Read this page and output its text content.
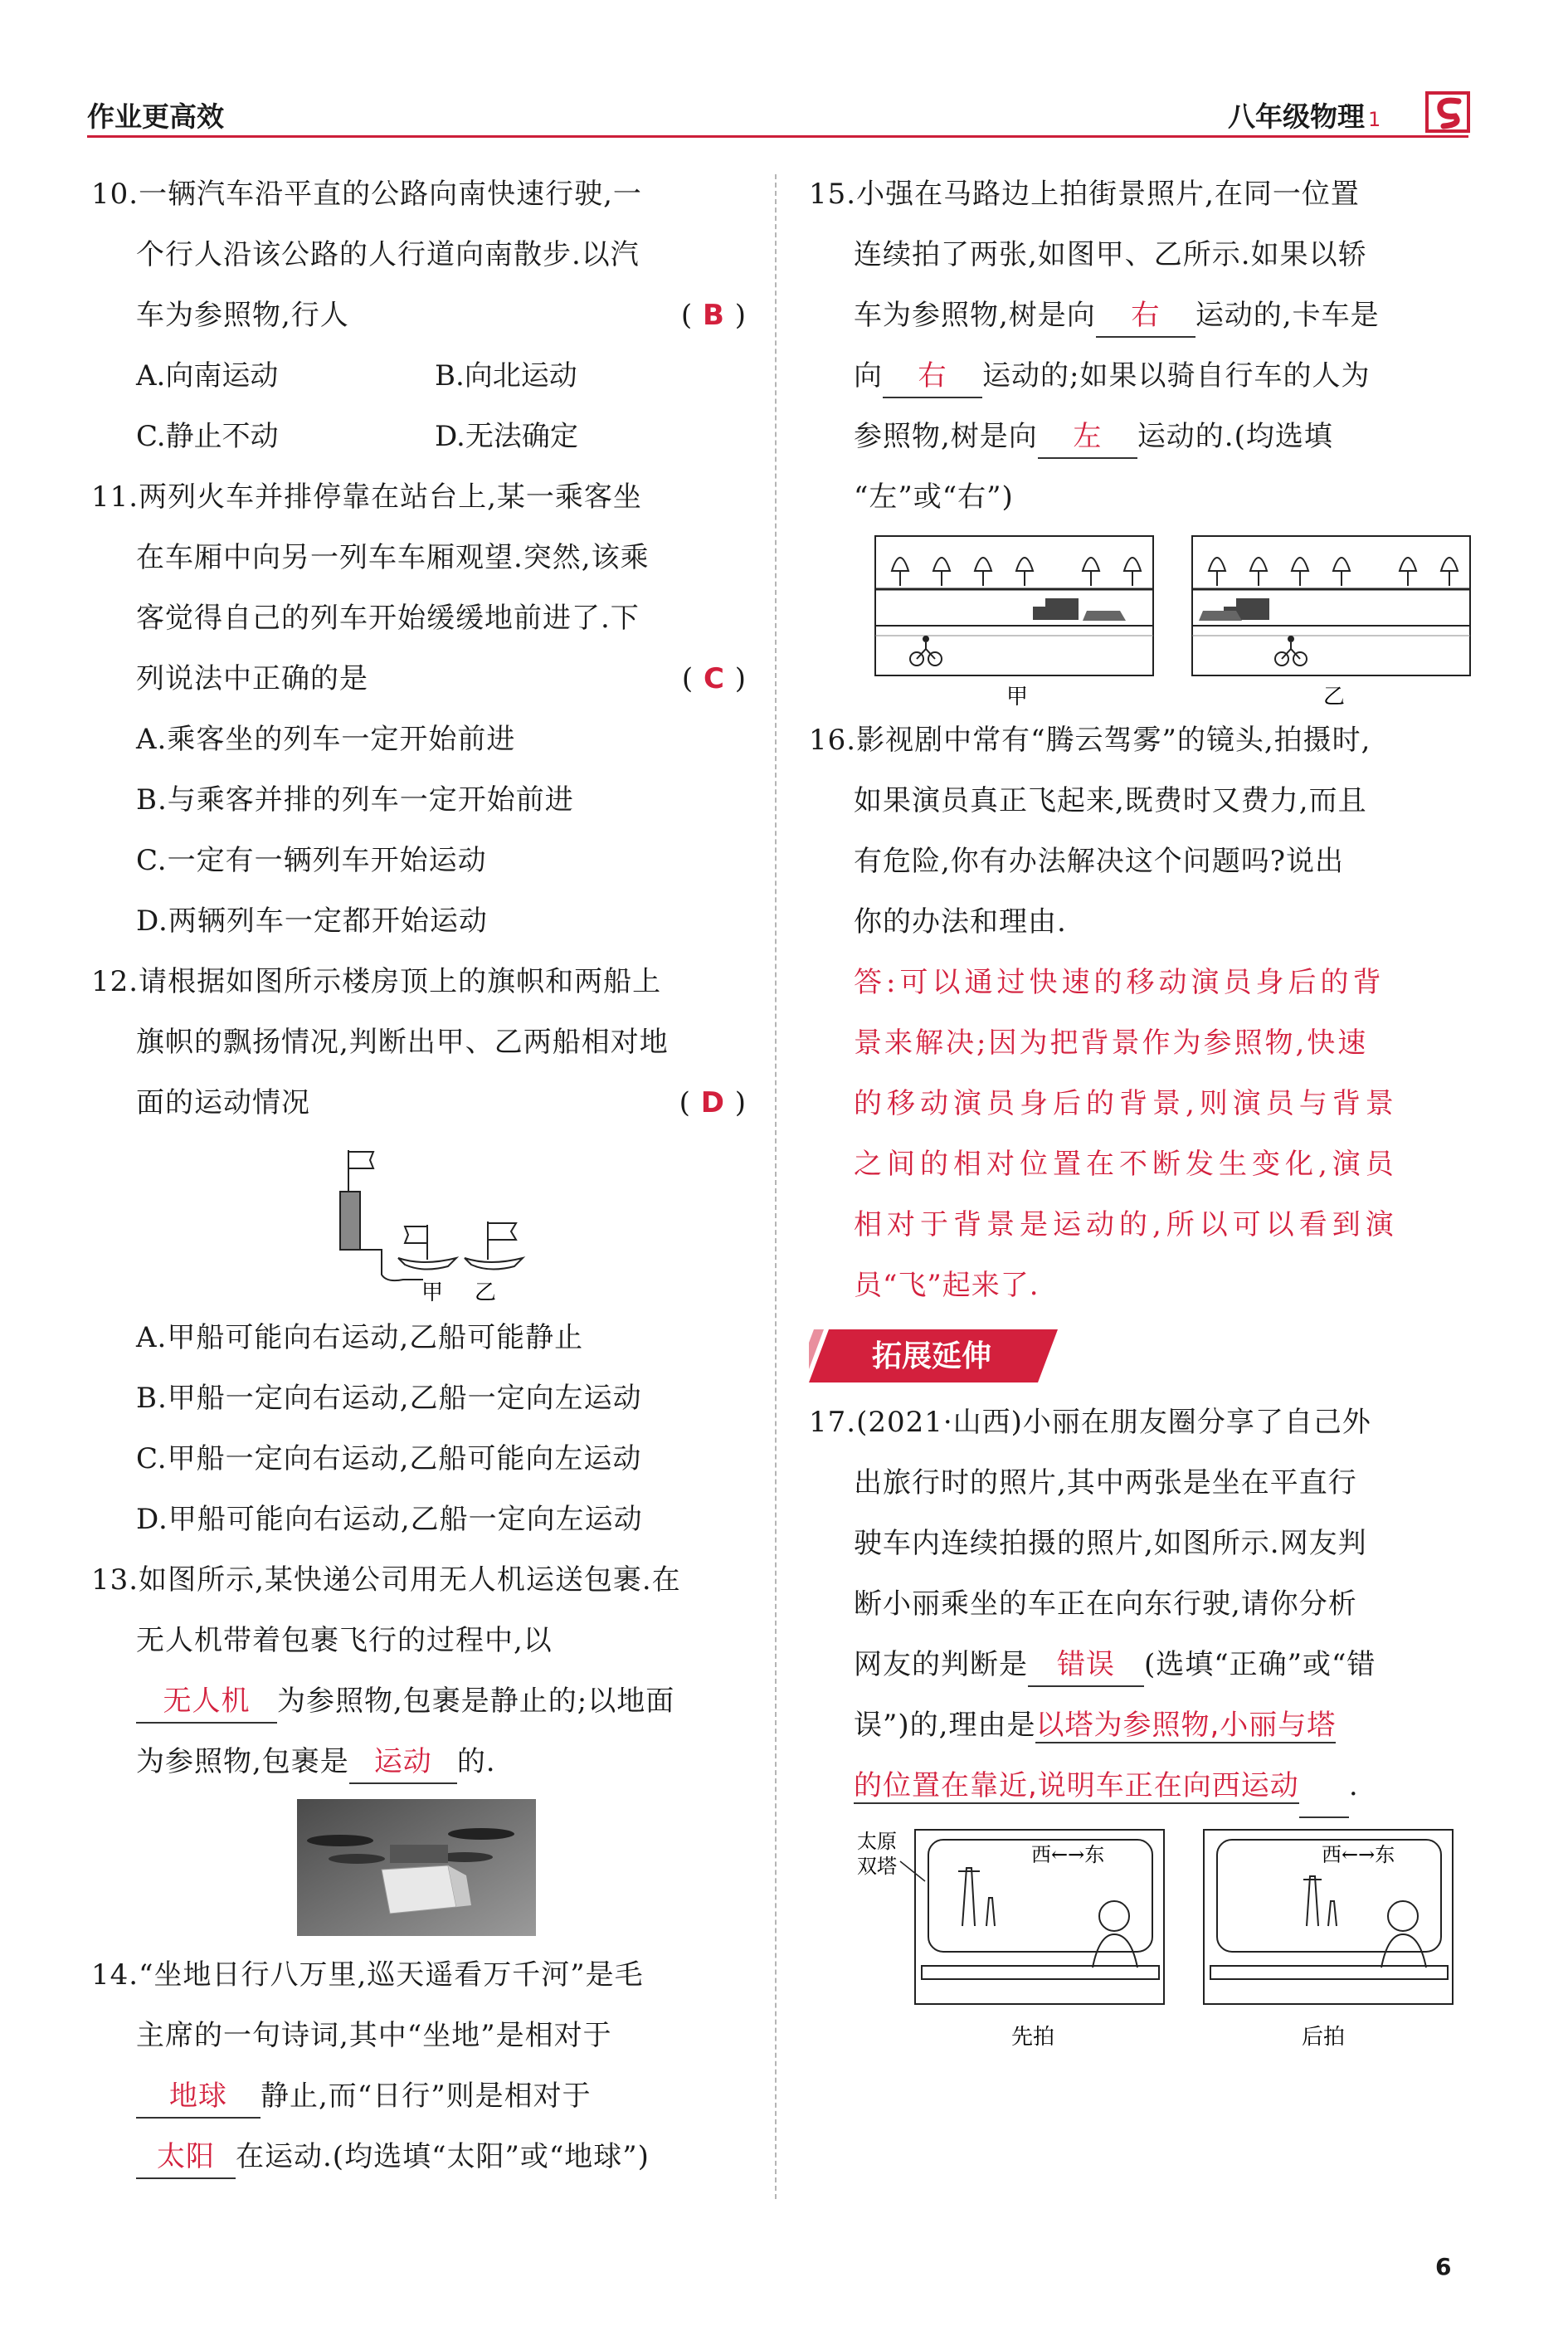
作业更高效	八年级物理 1
10.一辆汽车沿平直的公路向南快速行驶,一
个行人沿该公路的人行道向南散步.以汽
车为参照物,行人	( B )
A.向南运动	B.向北运动
C.静止不动	D.无法确定
11.两列火车并排停靠在站台上,某一乘客坐
在车厢中向另一列车车厢观望.突然,该乘
客觉得自己的列车开始缓缓地前进了.下
列说法中正确的是	( C )
A.乘客坐的列车一定开始前进
B.与乘客并排的列车一定开始前进
C.一定有一辆列车开始运动
D.两辆列车一定都开始运动
12.请根据如图所示楼房顶上的旗帜和两船上
旗帜的飘扬情况,判断出甲、乙两船相对地
面的运动情况	( D )
甲 乙
A.甲船可能向右运动,乙船可能静止
B.甲船一定向右运动,乙船一定向左运动
C.甲船一定向右运动,乙船可能向左运动
D.甲船可能向右运动,乙船一定向左运动
13.如图所示,某快递公司用无人机运送包裹.在
无人机带着包裹飞行的过程中,以
无人机 为参照物,包裹是静止的;以地面
为参照物,包裹是 运动 的.
14.“坐地日行八万里,巡天遥看万千河”是毛
主席的一句诗词,其中“坐地”是相对于
地球 静止,而“日行”则是相对于
太阳 在运动.(均选填“太阳”或“地球”)
15.小强在马路边上拍街景照片,在同一位置
连续拍了两张,如图甲、乙所示.如果以轿
车为参照物,树是向 右 运动的,卡车是
向 右 运动的;如果以骑自行车的人为
参照物,树是向 左 运动的.(均选填
“左”或“右”)
甲	乙
16.影视剧中常有“腾云驾雾”的镜头,拍摄时,
如果演员真正飞起来,既费时又费力,而且
有危险,你有办法解决这个问题吗?说出
你的办法和理由.
答:可以通过快速的移动演员身后的背
景来解决;因为把背景作为参照物,快速
的移动演员身后的背景,则演员与背景
之间的相对位置在不断发生变化,演员
相对于背景是运动的,所以可以看到演
员“飞”起来了.
拓展延伸
17.(2021·山西)小丽在朋友圈分享了自己外
出旅行时的照片,其中两张是坐在平直行
驶车内连续拍摄的照片,如图所示.网友判
断小丽乘坐的车正在向东行驶,请你分析
网友的判断是 错误 (选填“正确”或“错
误”)的,理由是以塔为参照物,小丽与塔
的位置在靠近,说明车正在向西运动 .
太原
双塔	西←→东	西←→东
先拍	后拍
6
